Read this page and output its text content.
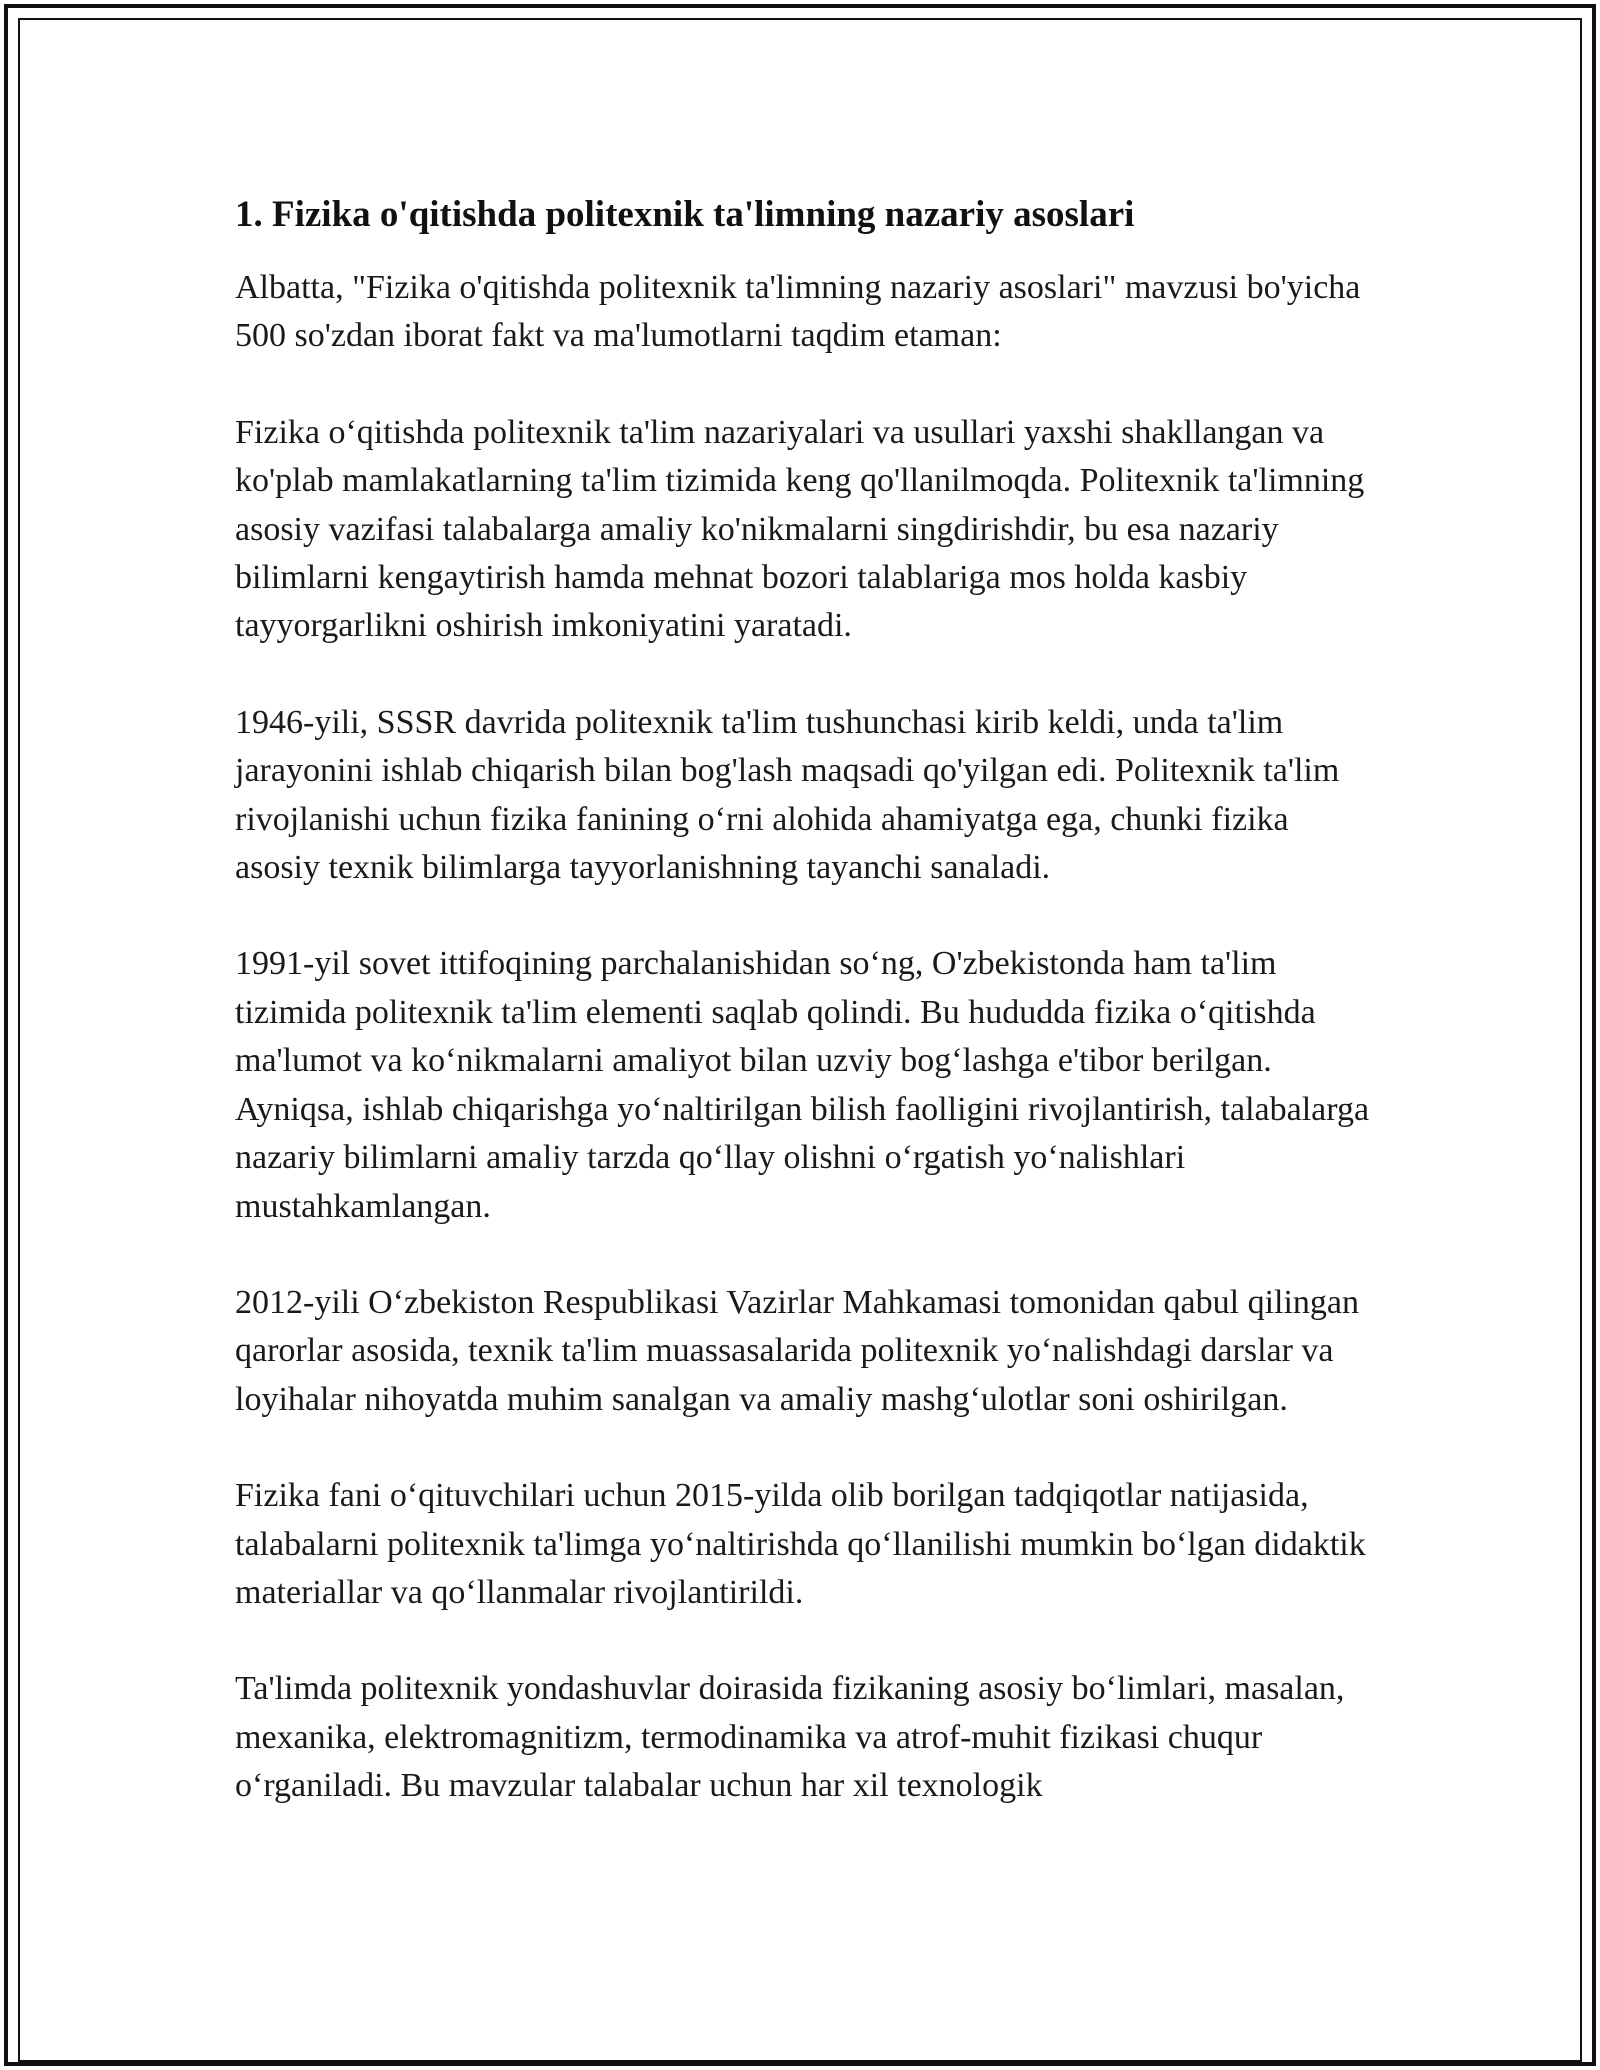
1. Fizika o'qitishda politexnik ta'limning nazariy asoslari

Albatta, "Fizika o'qitishda politexnik ta'limning nazariy asoslari" mavzusi bo'yicha 500 so'zdan iborat fakt va ma'lumotlarni taqdim etaman:

Fizika oʻqitishda politexnik ta'lim nazariyalari va usullari yaxshi shakllangan va ko'plab mamlakatlarning ta'lim tizimida keng qo'llanilmoqda. Politexnik ta'limning asosiy vazifasi talabalarga amaliy ko'nikmalarni singdirishdir, bu esa nazariy bilimlarni kengaytirish hamda mehnat bozori talablariga mos holda kasbiy tayyorgarlikni oshirish imkoniyatini yaratadi.

1946-yili, SSSR davrida politexnik ta'lim tushunchasi kirib keldi, unda ta'lim jarayonini ishlab chiqarish bilan bog'lash maqsadi qo'yilgan edi. Politexnik ta'lim rivojlanishi uchun fizika fanining oʻrni alohida ahamiyatga ega, chunki fizika asosiy texnik bilimlarga tayyorlanishning tayanchi sanaladi.

1991-yil sovet ittifoqining parchalanishidan soʻng, O'zbekistonda ham ta'lim tizimida politexnik ta'lim elementi saqlab qolindi. Bu hududda fizika oʻqitishda ma'lumot va koʻnikmalarni amaliyot bilan uzviy bogʻlashga e'tibor berilgan. Ayniqsa, ishlab chiqarishga yoʻnaltirilgan bilish faolligini rivojlantirish, talabalarga nazariy bilimlarni amaliy tarzda qoʻllay olishni oʻrgatish yoʻnalishlari mustahkamlangan.

2012-yili Oʻzbekiston Respublikasi Vazirlar Mahkamasi tomonidan qabul qilingan qarorlar asosida, texnik ta'lim muassasalarida politexnik yoʻnalishdagi darslar va loyihalar nihoyatda muhim sanalgan va amaliy mashgʻulotlar soni oshirilgan.

Fizika fani oʻqituvchilari uchun 2015-yilda olib borilgan tadqiqotlar natijasida, talabalarni politexnik ta'limga yoʻnaltirishda qoʻllanilishi mumkin boʻlgan didaktik materiallar va qoʻllanmalar rivojlantirildi.

Ta'limda politexnik yondashuvlar doirasida fizikaning asosiy boʻlimlari, masalan, mexanika, elektromagnitizm, termodinamika va atrof-muhit fizikasi chuqur oʻrganiladi. Bu mavzular talabalar uchun har xil texnologik
